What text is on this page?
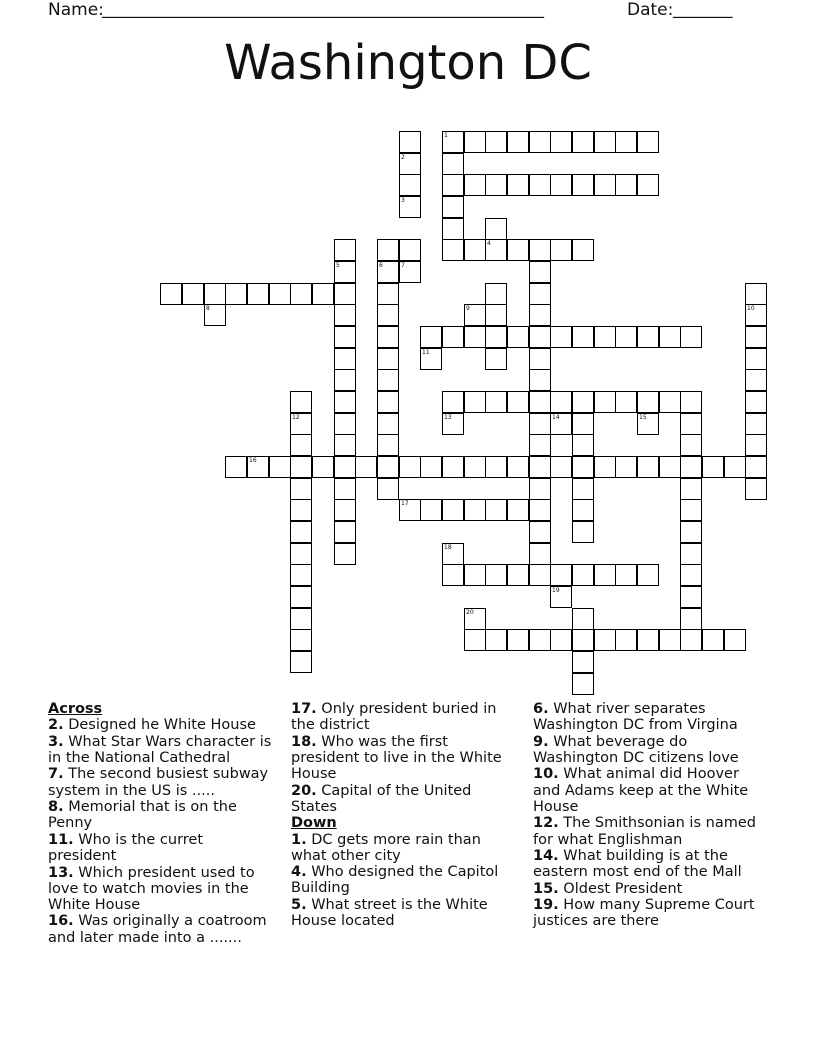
Name:
____________________________________________________	Date: _______
Washington DC
1
4
5	6
10
12
16
17
2
3
7
8	9
11
13	14	15
18
19
20
Across
2. Designed he White House
3. What Star Wars character is in the National Cathedral
7. The second busiest subway system in the US is .....
8. Memorial that is on the Penny
11. Who is the curret president
13. Which president used to love to watch movies in the White House
16. Was originally a coatroom and later made into a .......
17. Only president buried in the district
18. Who was the first president to live in the White House
20. Capital of the United States
Down
1. DC gets more rain than what other city
4. Who designed the Capitol Building
5. What street is the White House located
6. What river separates Washington DC from Virgina
9. What beverage do Washington DC citizens love
10. What animal did Hoover and Adams keep at the White House
12. The Smithsonian is named for what Englishman
14. What building is at the eastern most end of the Mall
15. Oldest President
19. How many Supreme Court justices are there
